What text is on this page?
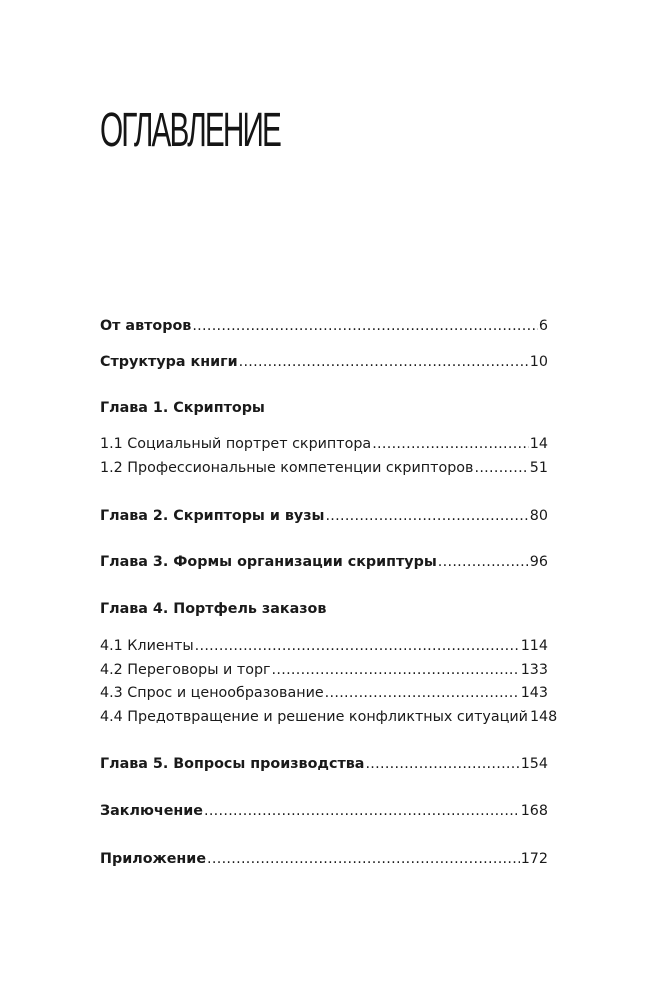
ОГЛАВЛЕНИЕ
От авторов .....	6
Структура книги .....	10
Глава 1. Скрипторы
1.1 Социальный портрет скриптора .....	14
1.2 Профессиональные компетенции скрипторов .....	51
Глава 2. Скрипторы и вузы .....	80
Глава 3. Формы организации скриптуры .....	96
Глава 4. Портфель заказов
4.1 Клиенты .....	114
4.2 Переговоры и торг .....	133
4.3 Спрос и ценообразование .....	143
4.4 Предотвращение и решение конфликтных ситуаций 148
Глава 5. Вопросы производства .....	154
Заключение .....	168
Приложение .....	172
